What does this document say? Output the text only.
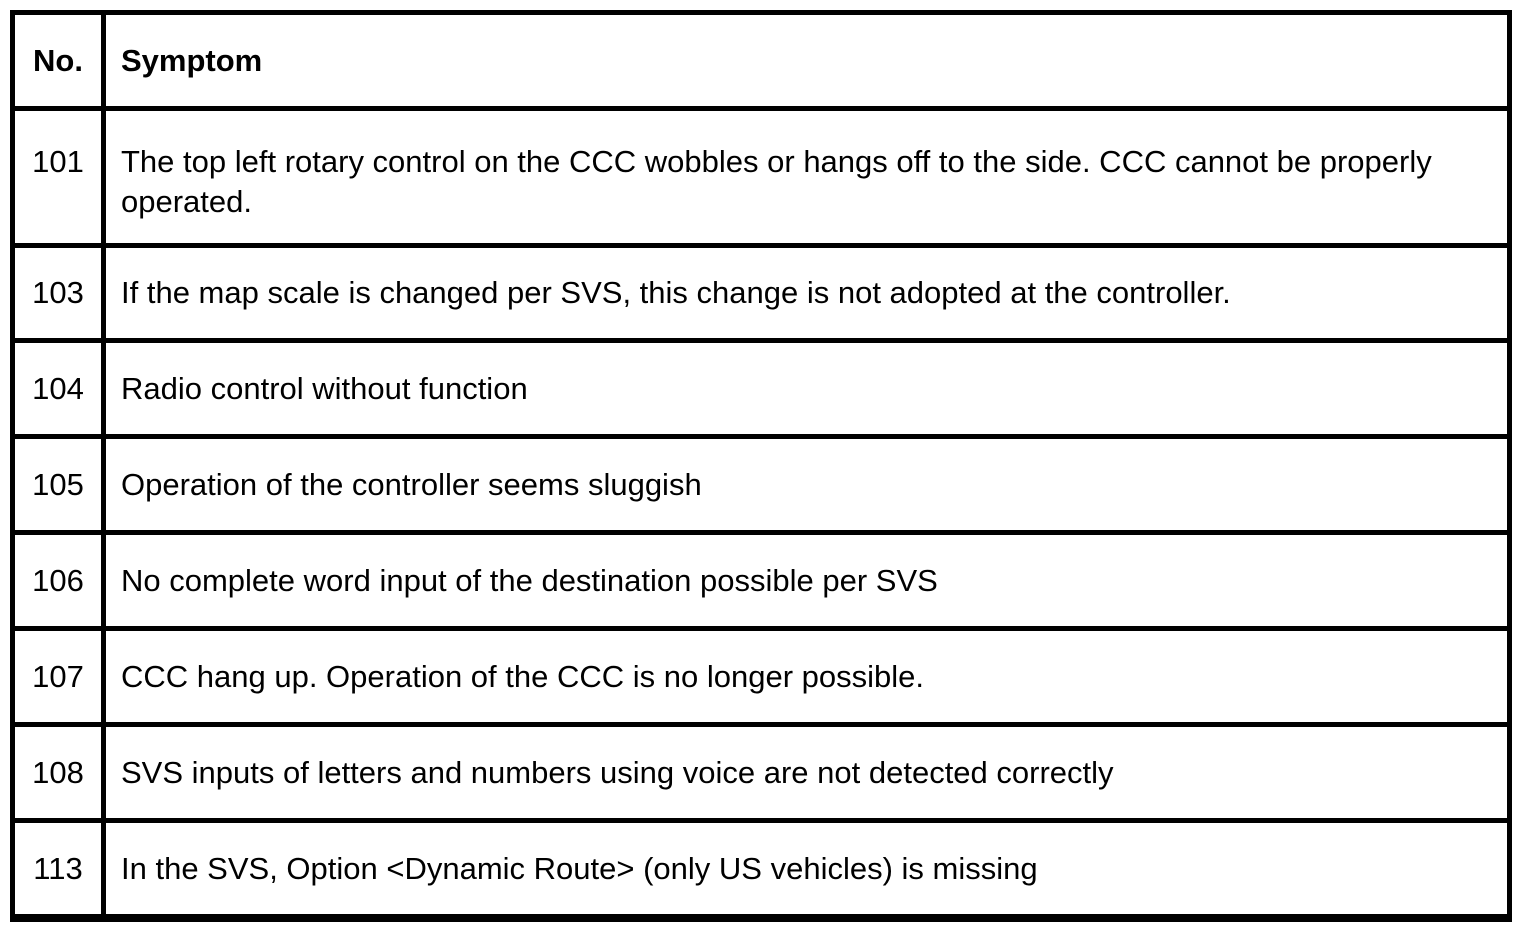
No.	Symptom
101	The top left rotary control on the CCC wobbles or hangs off to the side. CCC cannot be properly operated.
103	If the map scale is changed per SVS, this change is not adopted at the controller.
104	Radio control without function
105	Operation of the controller seems sluggish
106	No complete word input of the destination possible per SVS
107	CCC hang up. Operation of the CCC is no longer possible.
108	SVS inputs of letters and numbers using voice are not detected correctly
113	In the SVS, Option <Dynamic Route> (only US vehicles) is missing
